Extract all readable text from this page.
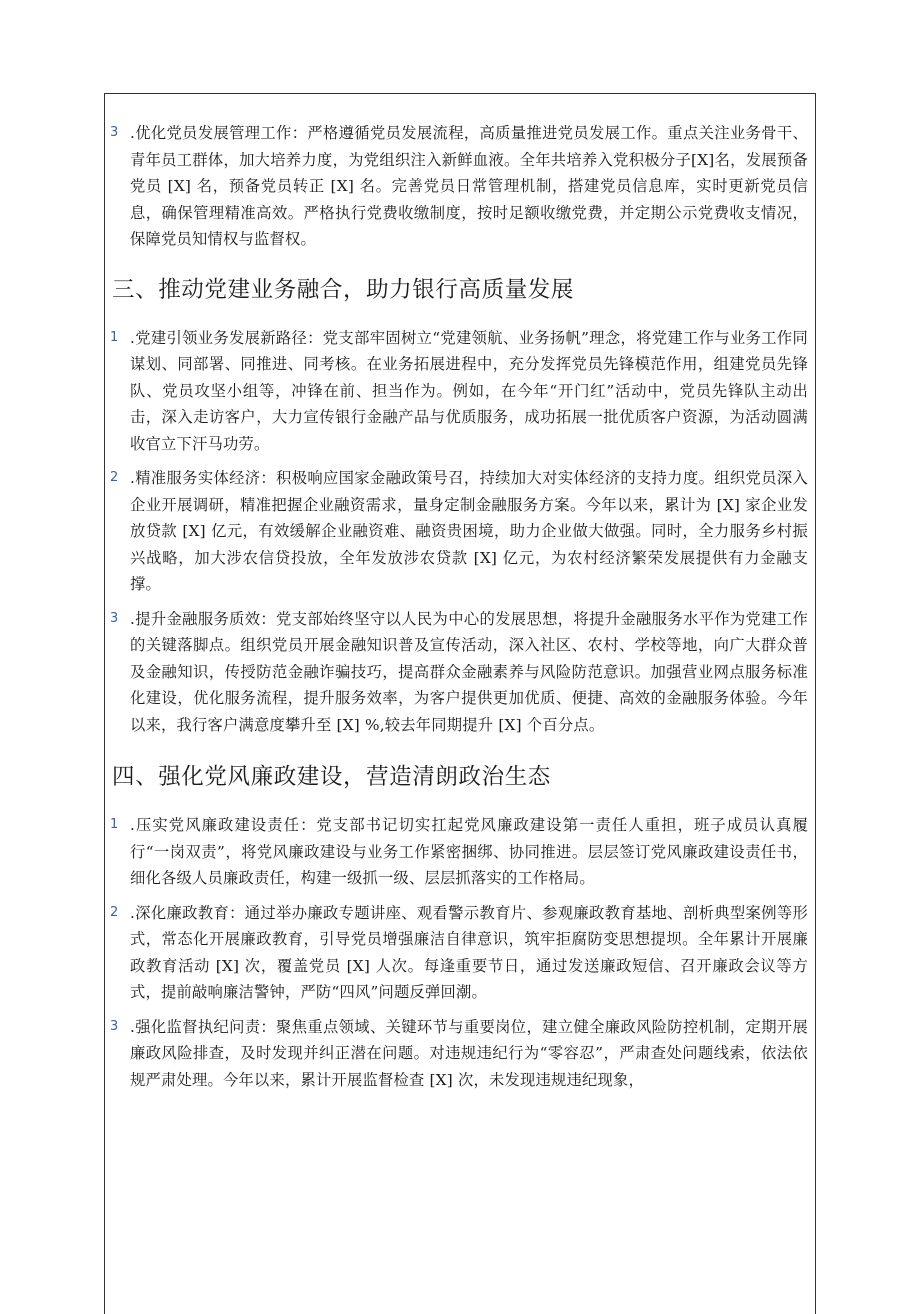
3 .优化党员发展管理工作：严格遵循党员发展流程，高质量推进党员发展工作。重点关注业务骨干、青年员工群体，加大培养力度，为党组织注入新鲜血液。全年共培养入党积极分子[X]名，发展预备党员 [X] 名，预备党员转正 [X] 名。完善党员日常管理机制，搭建党员信息库，实时更新党员信息，确保管理精准高效。严格执行党费收缴制度，按时足额收缴党费，并定期公示党费收支情况，保障党员知情权与监督权。
三、推动党建业务融合，助力银行高质量发展
1 .党建引领业务发展新路径：党支部牢固树立“党建领航、业务扬帆”理念，将党建工作与业务工作同谋划、同部署、同推进、同考核。在业务拓展进程中，充分发挥党员先锋模范作用，组建党员先锋队、党员攻坚小组等，冲锋在前、担当作为。例如，在今年“开门红”活动中，党员先锋队主动出击，深入走访客户，大力宣传银行金融产品与优质服务，成功拓展一批优质客户资源，为活动圆满收官立下汗马功劳。
2 .精准服务实体经济：积极响应国家金融政策号召，持续加大对实体经济的支持力度。组织党员深入企业开展调研，精准把握企业融资需求，量身定制金融服务方案。今年以来，累计为 [X] 家企业发放贷款 [X] 亿元，有效缓解企业融资难、融资贵困境，助力企业做大做强。同时，全力服务乡村振兴战略，加大涉农信贷投放，全年发放涉农贷款 [X] 亿元，为农村经济繁荣发展提供有力金融支撑。
3 .提升金融服务质效：党支部始终坚守以人民为中心的发展思想，将提升金融服务水平作为党建工作的关键落脚点。组织党员开展金融知识普及宣传活动，深入社区、农村、学校等地，向广大群众普及金融知识，传授防范金融诈骗技巧，提高群众金融素养与风险防范意识。加强营业网点服务标准化建设，优化服务流程，提升服务效率，为客户提供更加优质、便捷、高效的金融服务体验。今年以来，我行客户满意度攀升至 [X] %,较去年同期提升 [X] 个百分点。
四、强化党风廉政建设，营造清朗政治生态
1 .压实党风廉政建设责任：党支部书记切实扛起党风廉政建设第一责任人重担，班子成员认真履行“一岗双责”，将党风廉政建设与业务工作紧密捆绑、协同推进。层层签订党风廉政建设责任书，细化各级人员廉政责任，构建一级抓一级、层层抓落实的工作格局。
2 .深化廉政教育：通过举办廉政专题讲座、观看警示教育片、参观廉政教育基地、剖析典型案例等形式，常态化开展廉政教育，引导党员增强廉洁自律意识，筑牢拒腐防变思想提坝。全年累计开展廉政教育活动 [X] 次，覆盖党员 [X] 人次。每逢重要节日，通过发送廉政短信、召开廉政会议等方式，提前敲响廉洁警钟，严防“四风”问题反弹回潮。
3 .强化监督执纪问责：聚焦重点领域、关键环节与重要岗位，建立健全廉政风险防控机制，定期开展廉政风险排查，及时发现并纠正潜在问题。对违规违纪行为“零容忍”，严肃查处问题线索，依法依规严肃处理。今年以来，累计开展监督检查 [X] 次，未发现违规违纪现象，
